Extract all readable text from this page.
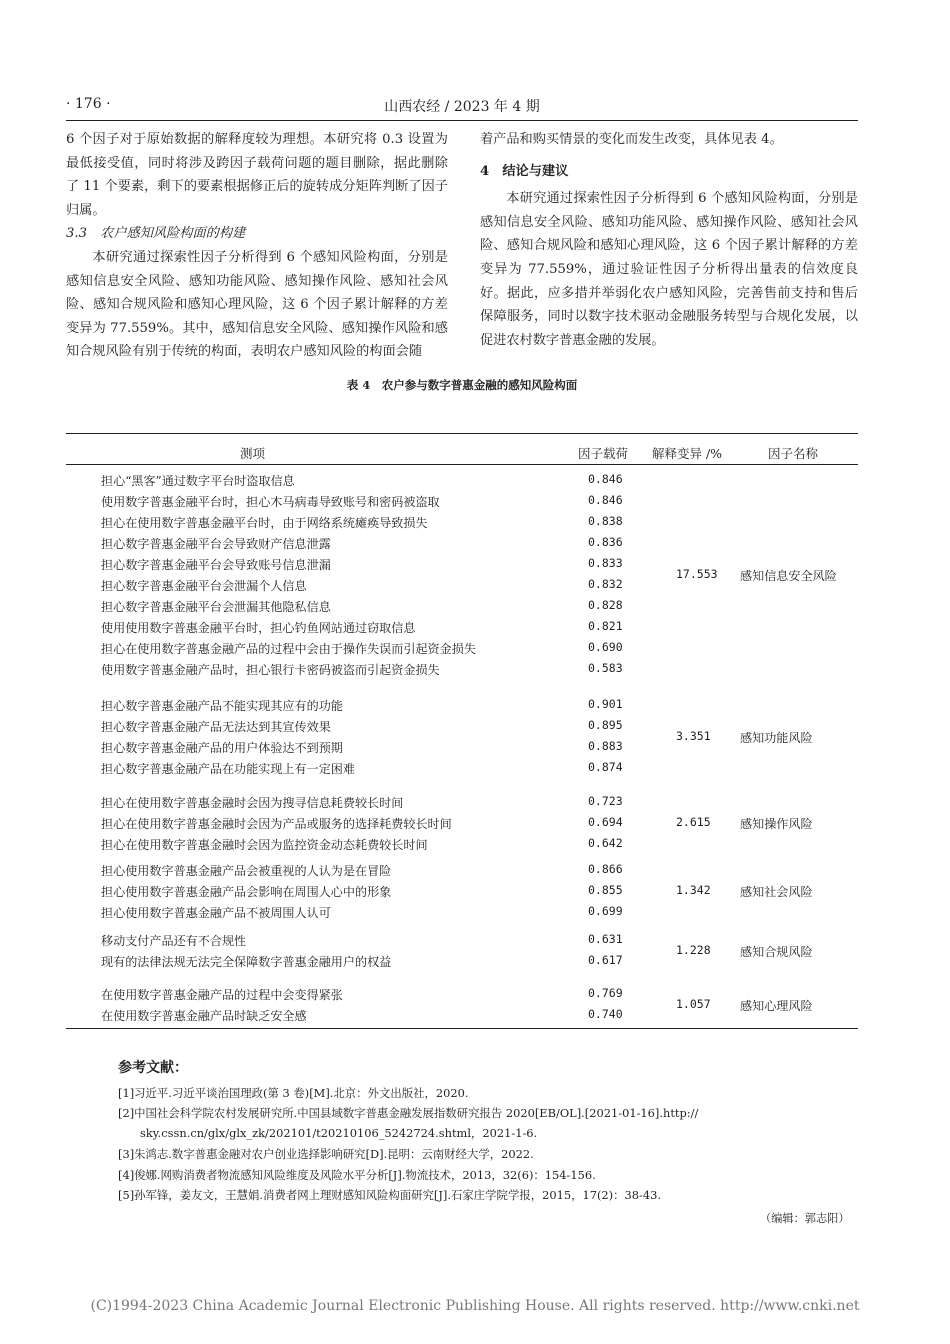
· 176 ·	山西农经 / 2023 年 4 期

6 个因子对于原始数据的解释度较为理想。本研究将 0.3 设置为最低接受值，同时将涉及跨因子载荷问题的题目删除，据此删除了 11 个要素，剩下的要素根据修正后的旋转成分矩阵判断了因子归属。

3.3　农户感知风险构面的构建

本研究通过探索性因子分析得到 6 个感知风险构面，分别是感知信息安全风险、感知功能风险、感知操作风险、感知社会风险、感知合规风险和感知心理风险，这 6 个因子累计解释的方差变异为 77.559%。其中，感知信息安全风险、感知操作风险和感知合规风险有别于传统的构面，表明农户感知风险的构面会随

着产品和购买情景的变化而发生改变，具体见表 4。

4　结论与建议

本研究通过探索性因子分析得到 6 个感知风险构面，分别是感知信息安全风险、感知功能风险、感知操作风险、感知社会风险、感知合规风险和感知心理风险，这 6 个因子累计解释的方差变异为 77.559%，通过验证性因子分析得出量表的信效度良好。据此，应多措并举弱化农户感知风险，完善售前支持和售后保障服务，同时以数字技术驱动金融服务转型与合规化发展，以促进农村数字普惠金融的发展。

表 4　农户参与数字普惠金融的感知风险构面
测项	因子载荷 解释变异 /%	因子名称
担心“黑客”通过数字平台时盗取信息	0.846
使用数字普惠金融平台时，担心木马病毒导致账号和密码被盗取	0.846
担心在使用数字普惠金融平台时，由于网络系统瘫痪导致损失	0.838
担心数字普惠金融平台会导致财产信息泄露	0.836
担心数字普惠金融平台会导致账号信息泄漏	0.833
担心数字普惠金融平台会泄漏个人信息	0.832
担心数字普惠金融平台会泄漏其他隐私信息	0.828
使用使用数字普惠金融平台时，担心钓鱼网站通过窃取信息	0.821
担心在使用数字普惠金融产品的过程中会由于操作失误而引起资金损失	0.690
使用数字普惠金融产品时，担心银行卡密码被盗而引起资金损失	0.583
17.553 感知信息安全风险
担心数字普惠金融产品不能实现其应有的功能	0.901
担心数字普惠金融产品无法达到其宣传效果	0.895
担心数字普惠金融产品的用户体验达不到预期	0.883
担心数字普惠金融产品在功能实现上有一定困难	0.874
3.351 感知功能风险
担心在使用数字普惠金融时会因为搜寻信息耗费较长时间	0.723
担心在使用数字普惠金融时会因为产品或服务的选择耗费较长时间	0.694
担心在使用数字普惠金融时会因为监控资金动态耗费较长时间	0.642
2.615 感知操作风险
担心使用数字普惠金融产品会被重视的人认为是在冒险	0.866
担心使用数字普惠金融产品会影响在周围人心中的形象	0.855
担心使用数字普惠金融产品不被周围人认可	0.699
1.342 感知社会风险
移动支付产品还有不合规性	0.631
现有的法律法规无法完全保障数字普惠金融用户的权益	0.617
1.228 感知合规风险
在使用数字普惠金融产品的过程中会变得紧张	0.769
在使用数字普惠金融产品时缺乏安全感	0.740
1.057 感知心理风险
参考文献：
[1]习近平.习近平谈治国理政(第 3 卷)[M].北京：外文出版社，2020.
[2]中国社会科学院农村发展研究所.中国县域数字普惠金融发展指数研究报告 2020[EB/OL].[2021-01-16].http://
sky.cssn.cn/glx/glx_zk/202101/t20210106_5242724.shtml，2021-1-6.
[3]朱鸿志.数字普惠金融对农户创业选择影响研究[D].昆明：云南财经大学，2022.
[4]俊娜.网购消费者物流感知风险维度及风险水平分析[J].物流技术，2013，32(6)：154-156.
[5]孙军锋，姜友文，王慧娟.消费者网上理财感知风险构面研究[J].石家庄学院学报，2015，17(2)：38-43.
（编辑：郭志阳）
(C)1994-2023 China Academic Journal Electronic Publishing House. All rights reserved. http://www.cnki.net
